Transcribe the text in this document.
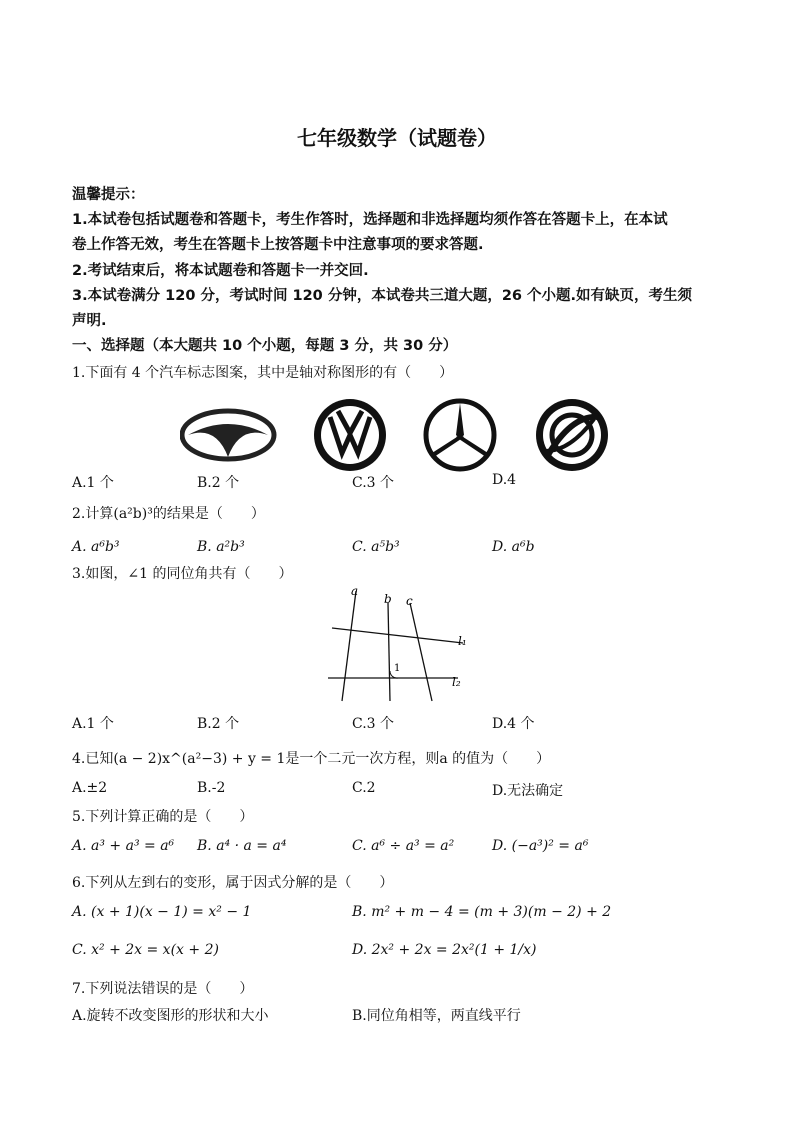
七年级数学（试题卷）
温馨提示：
1.本试卷包括试题卷和答题卡，考生作答时，选择题和非选择题均须作答在答题卡上，在本试
卷上作答无效，考生在答题卡上按答题卡中注意事项的要求答题.
2.考试结束后，将本试题卷和答题卡一并交回.
3.本试卷满分 120 分，考试时间 120 分钟，本试卷共三道大题，26 个小题.如有缺页，考生须
声明.
一、选择题（本大题共 10 个小题，每题 3 分，共 30 分）
1.下面有 4 个汽车标志图案，其中是轴对称图形的有（　　）
A.1 个	B.2 个	C.3 个	D.4
2.计算(a²b)³的结果是（　　）
A. a⁶b³	B. a²b³	C. a⁵b³	D. a⁶b
3.如图，∠1 的同位角共有（　　）
a
b c
l₁
l₂
1
A.1 个	B.2 个	C.3 个	D.4 个
4.已知(a − 2)x^(a²−3) + y = 1是一个二元一次方程，则a 的值为（　　）
A.±2	B.-2	C.2	D.无法确定
5.下列计算正确的是（　　）
A. a³ + a³ = a⁶ B. a⁴ · a = a⁴	C. a⁶ ÷ a³ = a²	D. (−a³)² = a⁶
6.下列从左到右的变形，属于因式分解的是（　　）
A. (x + 1)(x − 1) = x² − 1	B. m² + m − 4 = (m + 3)(m − 2) + 2
C. x² + 2x = x(x + 2)	D. 2x² + 2x = 2x²(1 + 1/x)
7.下列说法错误的是（　　）
A.旋转不改变图形的形状和大小	B.同位角相等，两直线平行
